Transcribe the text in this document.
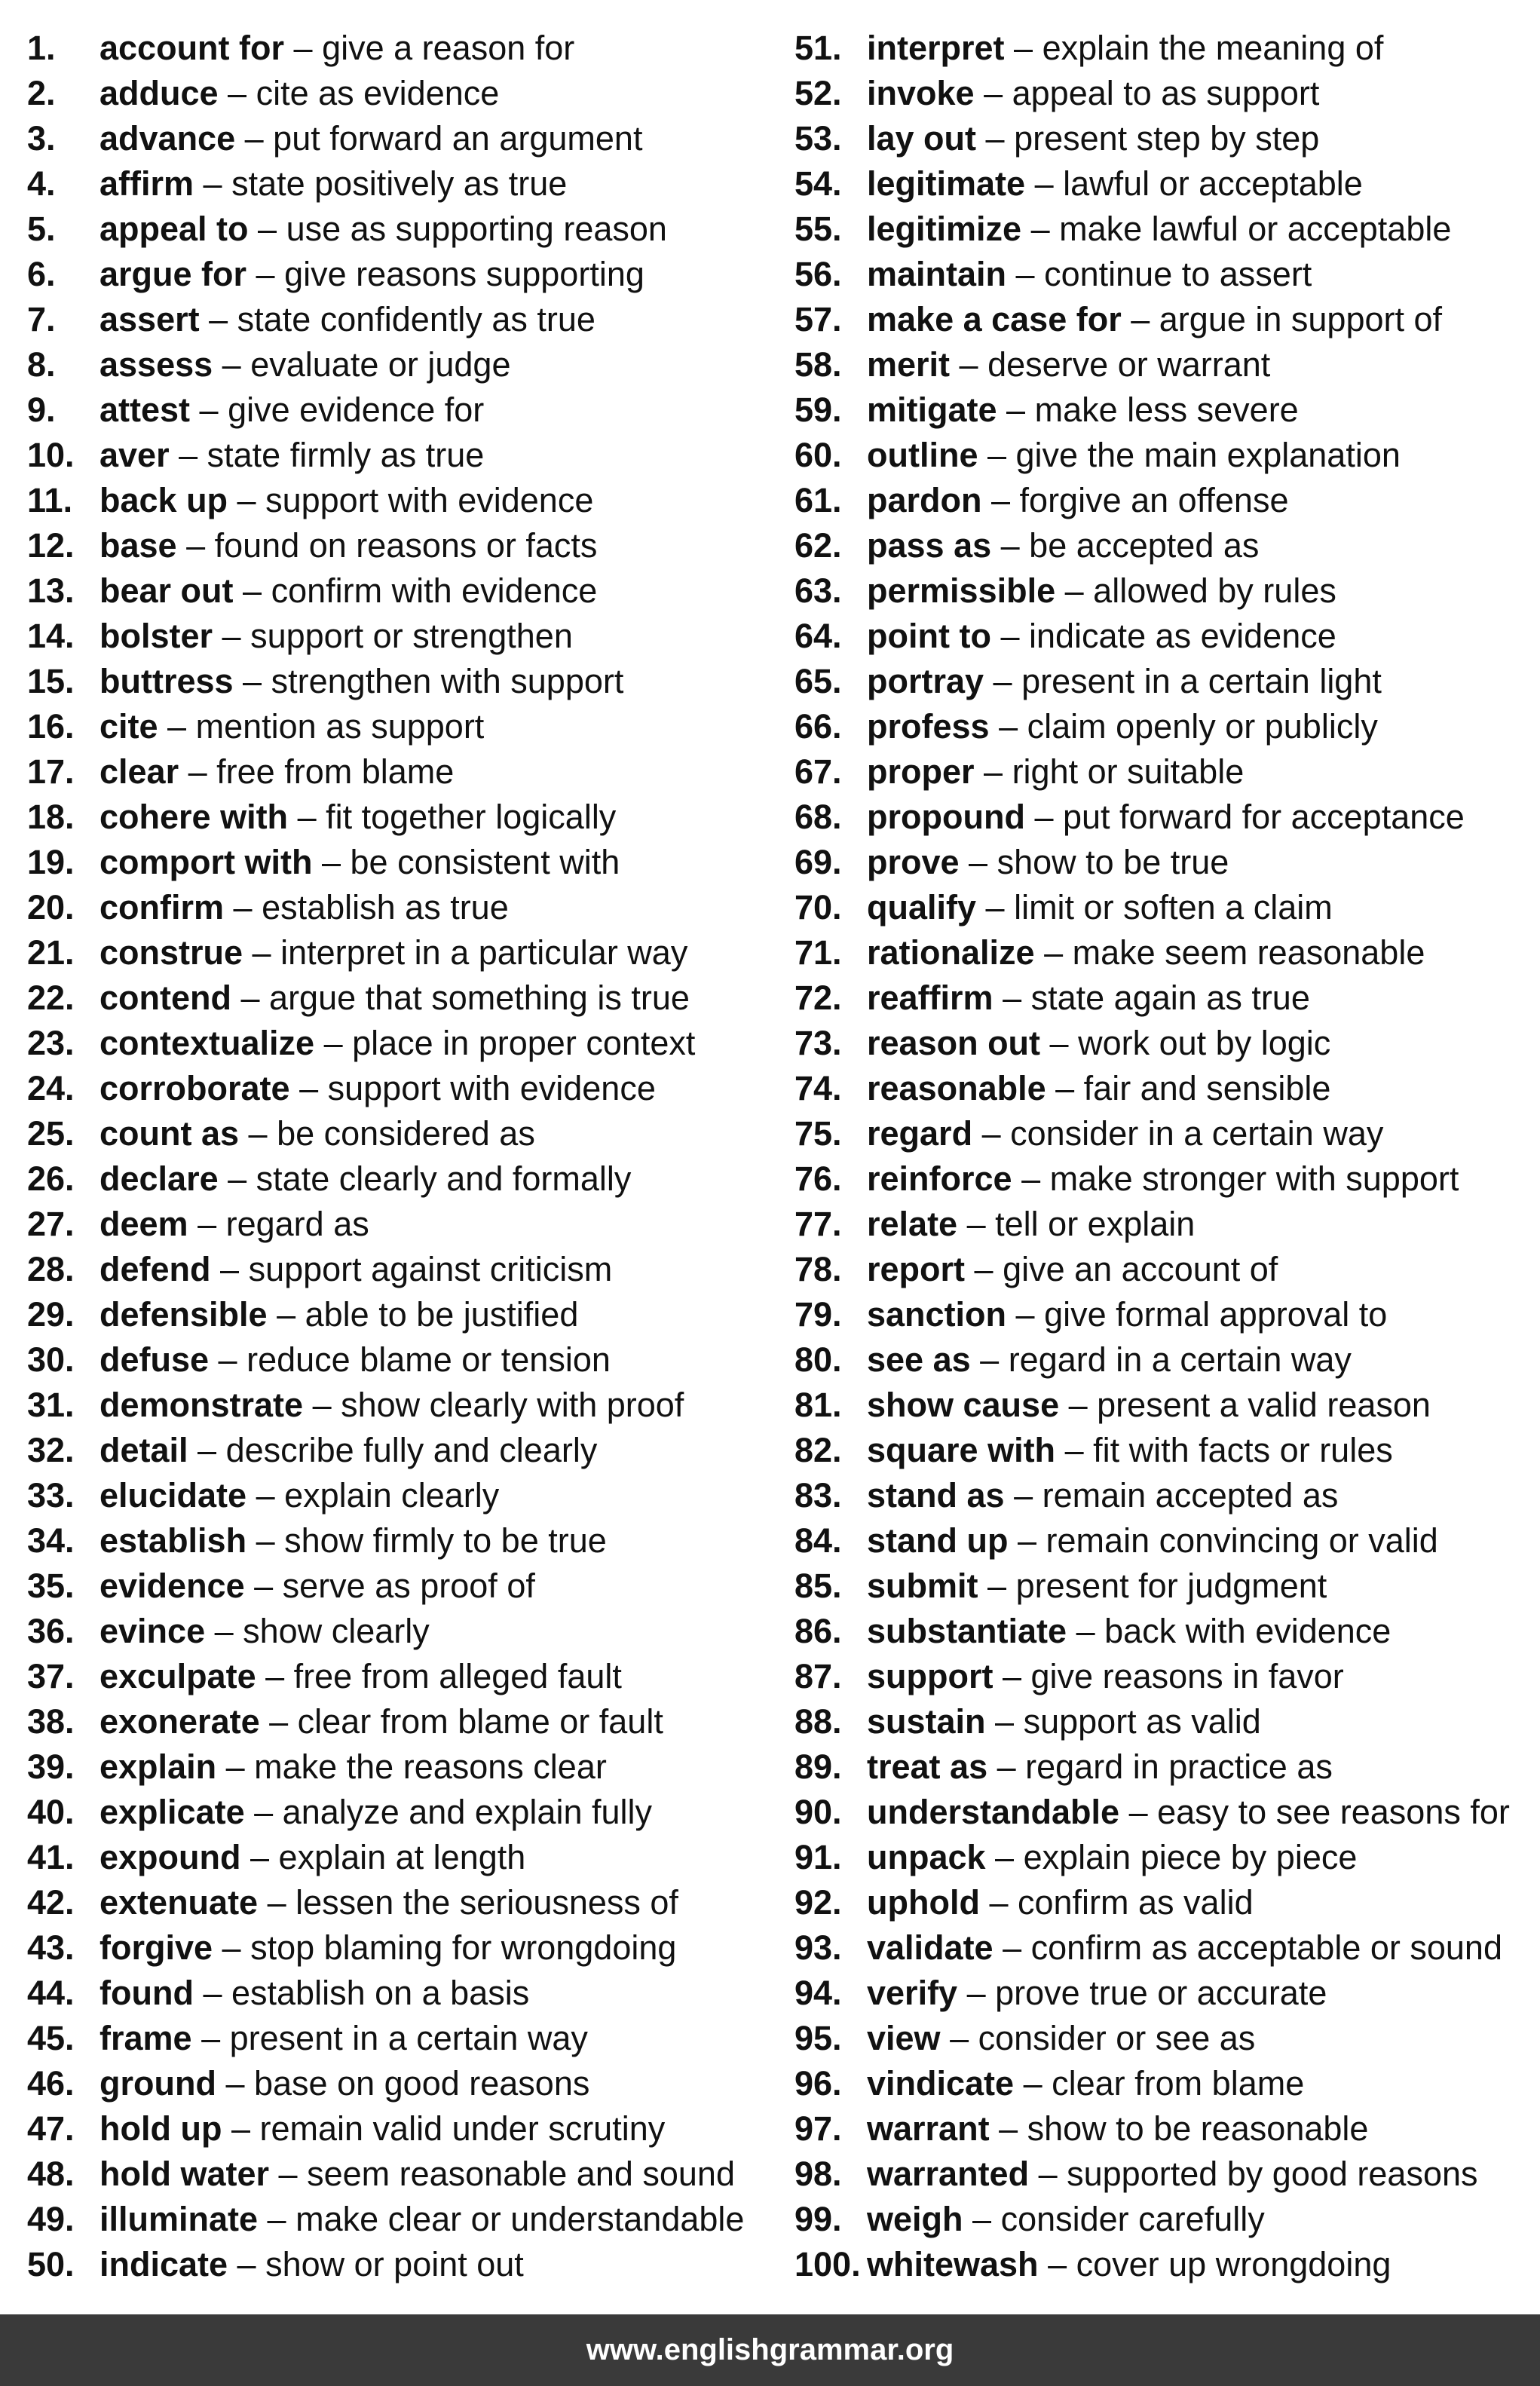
1. account for – give a reason for
2. adduce – cite as evidence
3. advance – put forward an argument
4. affirm – state positively as true
5. appeal to – use as supporting reason
6. argue for – give reasons supporting
7. assert – state confidently as true
8. assess – evaluate or judge
9. attest – give evidence for
10. aver – state firmly as true
11. back up – support with evidence
12. base – found on reasons or facts
13. bear out – confirm with evidence
14. bolster – support or strengthen
15. buttress – strengthen with support
16. cite – mention as support
17. clear – free from blame
18. cohere with – fit together logically
19. comport with – be consistent with
20. confirm – establish as true
21. construe – interpret in a particular way
22. contend – argue that something is true
23. contextualize – place in proper context
24. corroborate – support with evidence
25. count as – be considered as
26. declare – state clearly and formally
27. deem – regard as
28. defend – support against criticism
29. defensible – able to be justified
30. defuse – reduce blame or tension
31. demonstrate – show clearly with proof
32. detail – describe fully and clearly
33. elucidate – explain clearly
34. establish – show firmly to be true
35. evidence – serve as proof of
36. evince – show clearly
37. exculpate – free from alleged fault
38. exonerate – clear from blame or fault
39. explain – make the reasons clear
40. explicate – analyze and explain fully
41. expound – explain at length
42. extenuate – lessen the seriousness of
43. forgive – stop blaming for wrongdoing
44. found – establish on a basis
45. frame – present in a certain way
46. ground – base on good reasons
47. hold up – remain valid under scrutiny
48. hold water – seem reasonable and sound
49. illuminate – make clear or understandable
50. indicate – show or point out
51. interpret – explain the meaning of
52. invoke – appeal to as support
53. lay out – present step by step
54. legitimate – lawful or acceptable
55. legitimize – make lawful or acceptable
56. maintain – continue to assert
57. make a case for – argue in support of
58. merit – deserve or warrant
59. mitigate – make less severe
60. outline – give the main explanation
61. pardon – forgive an offense
62. pass as – be accepted as
63. permissible – allowed by rules
64. point to – indicate as evidence
65. portray – present in a certain light
66. profess – claim openly or publicly
67. proper – right or suitable
68. propound – put forward for acceptance
69. prove – show to be true
70. qualify – limit or soften a claim
71. rationalize – make seem reasonable
72. reaffirm – state again as true
73. reason out – work out by logic
74. reasonable – fair and sensible
75. regard – consider in a certain way
76. reinforce – make stronger with support
77. relate – tell or explain
78. report – give an account of
79. sanction – give formal approval to
80. see as – regard in a certain way
81. show cause – present a valid reason
82. square with – fit with facts or rules
83. stand as – remain accepted as
84. stand up – remain convincing or valid
85. submit – present for judgment
86. substantiate – back with evidence
87. support – give reasons in favor
88. sustain – support as valid
89. treat as – regard in practice as
90. understandable – easy to see reasons for
91. unpack – explain piece by piece
92. uphold – confirm as valid
93. validate – confirm as acceptable or sound
94. verify – prove true or accurate
95. view – consider or see as
96. vindicate – clear from blame
97. warrant – show to be reasonable
98. warranted – supported by good reasons
99. weigh – consider carefully
100. whitewash – cover up wrongdoing
www.englishgrammar.org
